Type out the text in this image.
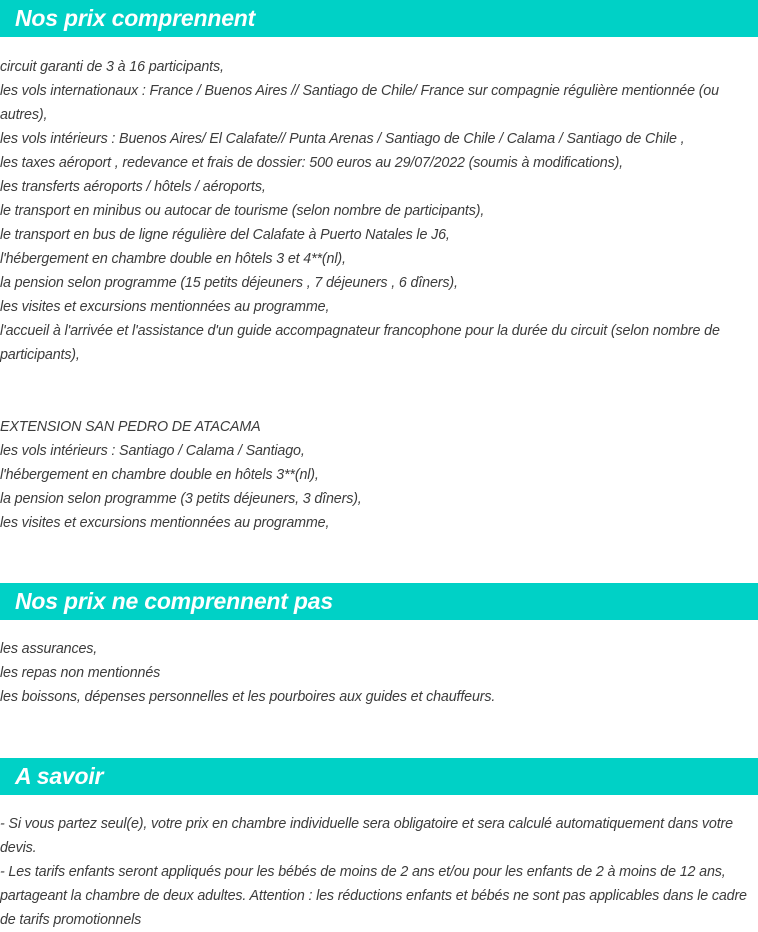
Nos prix comprennent
circuit garanti de 3 à 16 participants,
les vols internationaux : France / Buenos Aires // Santiago de Chile/ France sur compagnie régulière mentionnée (ou autres),
les vols intérieurs : Buenos Aires/ El Calafate// Punta Arenas / Santiago de Chile / Calama / Santiago de Chile ,
les taxes aéroport , redevance et frais de dossier: 500 euros au 29/07/2022 (soumis à modifications),
les transferts aéroports / hôtels / aéroports,
le transport en minibus ou autocar de tourisme (selon nombre de participants),
le transport en bus de ligne régulière del Calafate à Puerto Natales le J6,
l'hébergement en chambre double en hôtels 3 et 4**(nl),
la pension selon programme (15 petits déjeuners , 7 déjeuners , 6 dîners),
les visites et excursions mentionnées au programme,
l'accueil à l'arrivée et l'assistance d'un guide accompagnateur francophone pour la durée du circuit (selon nombre de participants),
EXTENSION SAN PEDRO DE ATACAMA
les vols intérieurs : Santiago / Calama / Santiago,
l'hébergement en chambre double en hôtels 3**(nl),
la pension selon programme (3 petits déjeuners, 3 dîners),
les visites et excursions mentionnées au programme,
Nos prix ne comprennent pas
les assurances,
les repas non mentionnés
les boissons, dépenses personnelles et les pourboires aux guides et chauffeurs.
A savoir
- Si vous partez seul(e), votre prix en chambre individuelle sera obligatoire et sera calculé automatiquement dans votre devis.
- Les tarifs enfants seront appliqués pour les bébés de moins de 2 ans et/ou pour les enfants de 2 à moins de 12 ans, partageant la chambre de deux adultes. Attention : les réductions enfants et bébés ne sont pas applicables dans le cadre de tarifs promotionnels
